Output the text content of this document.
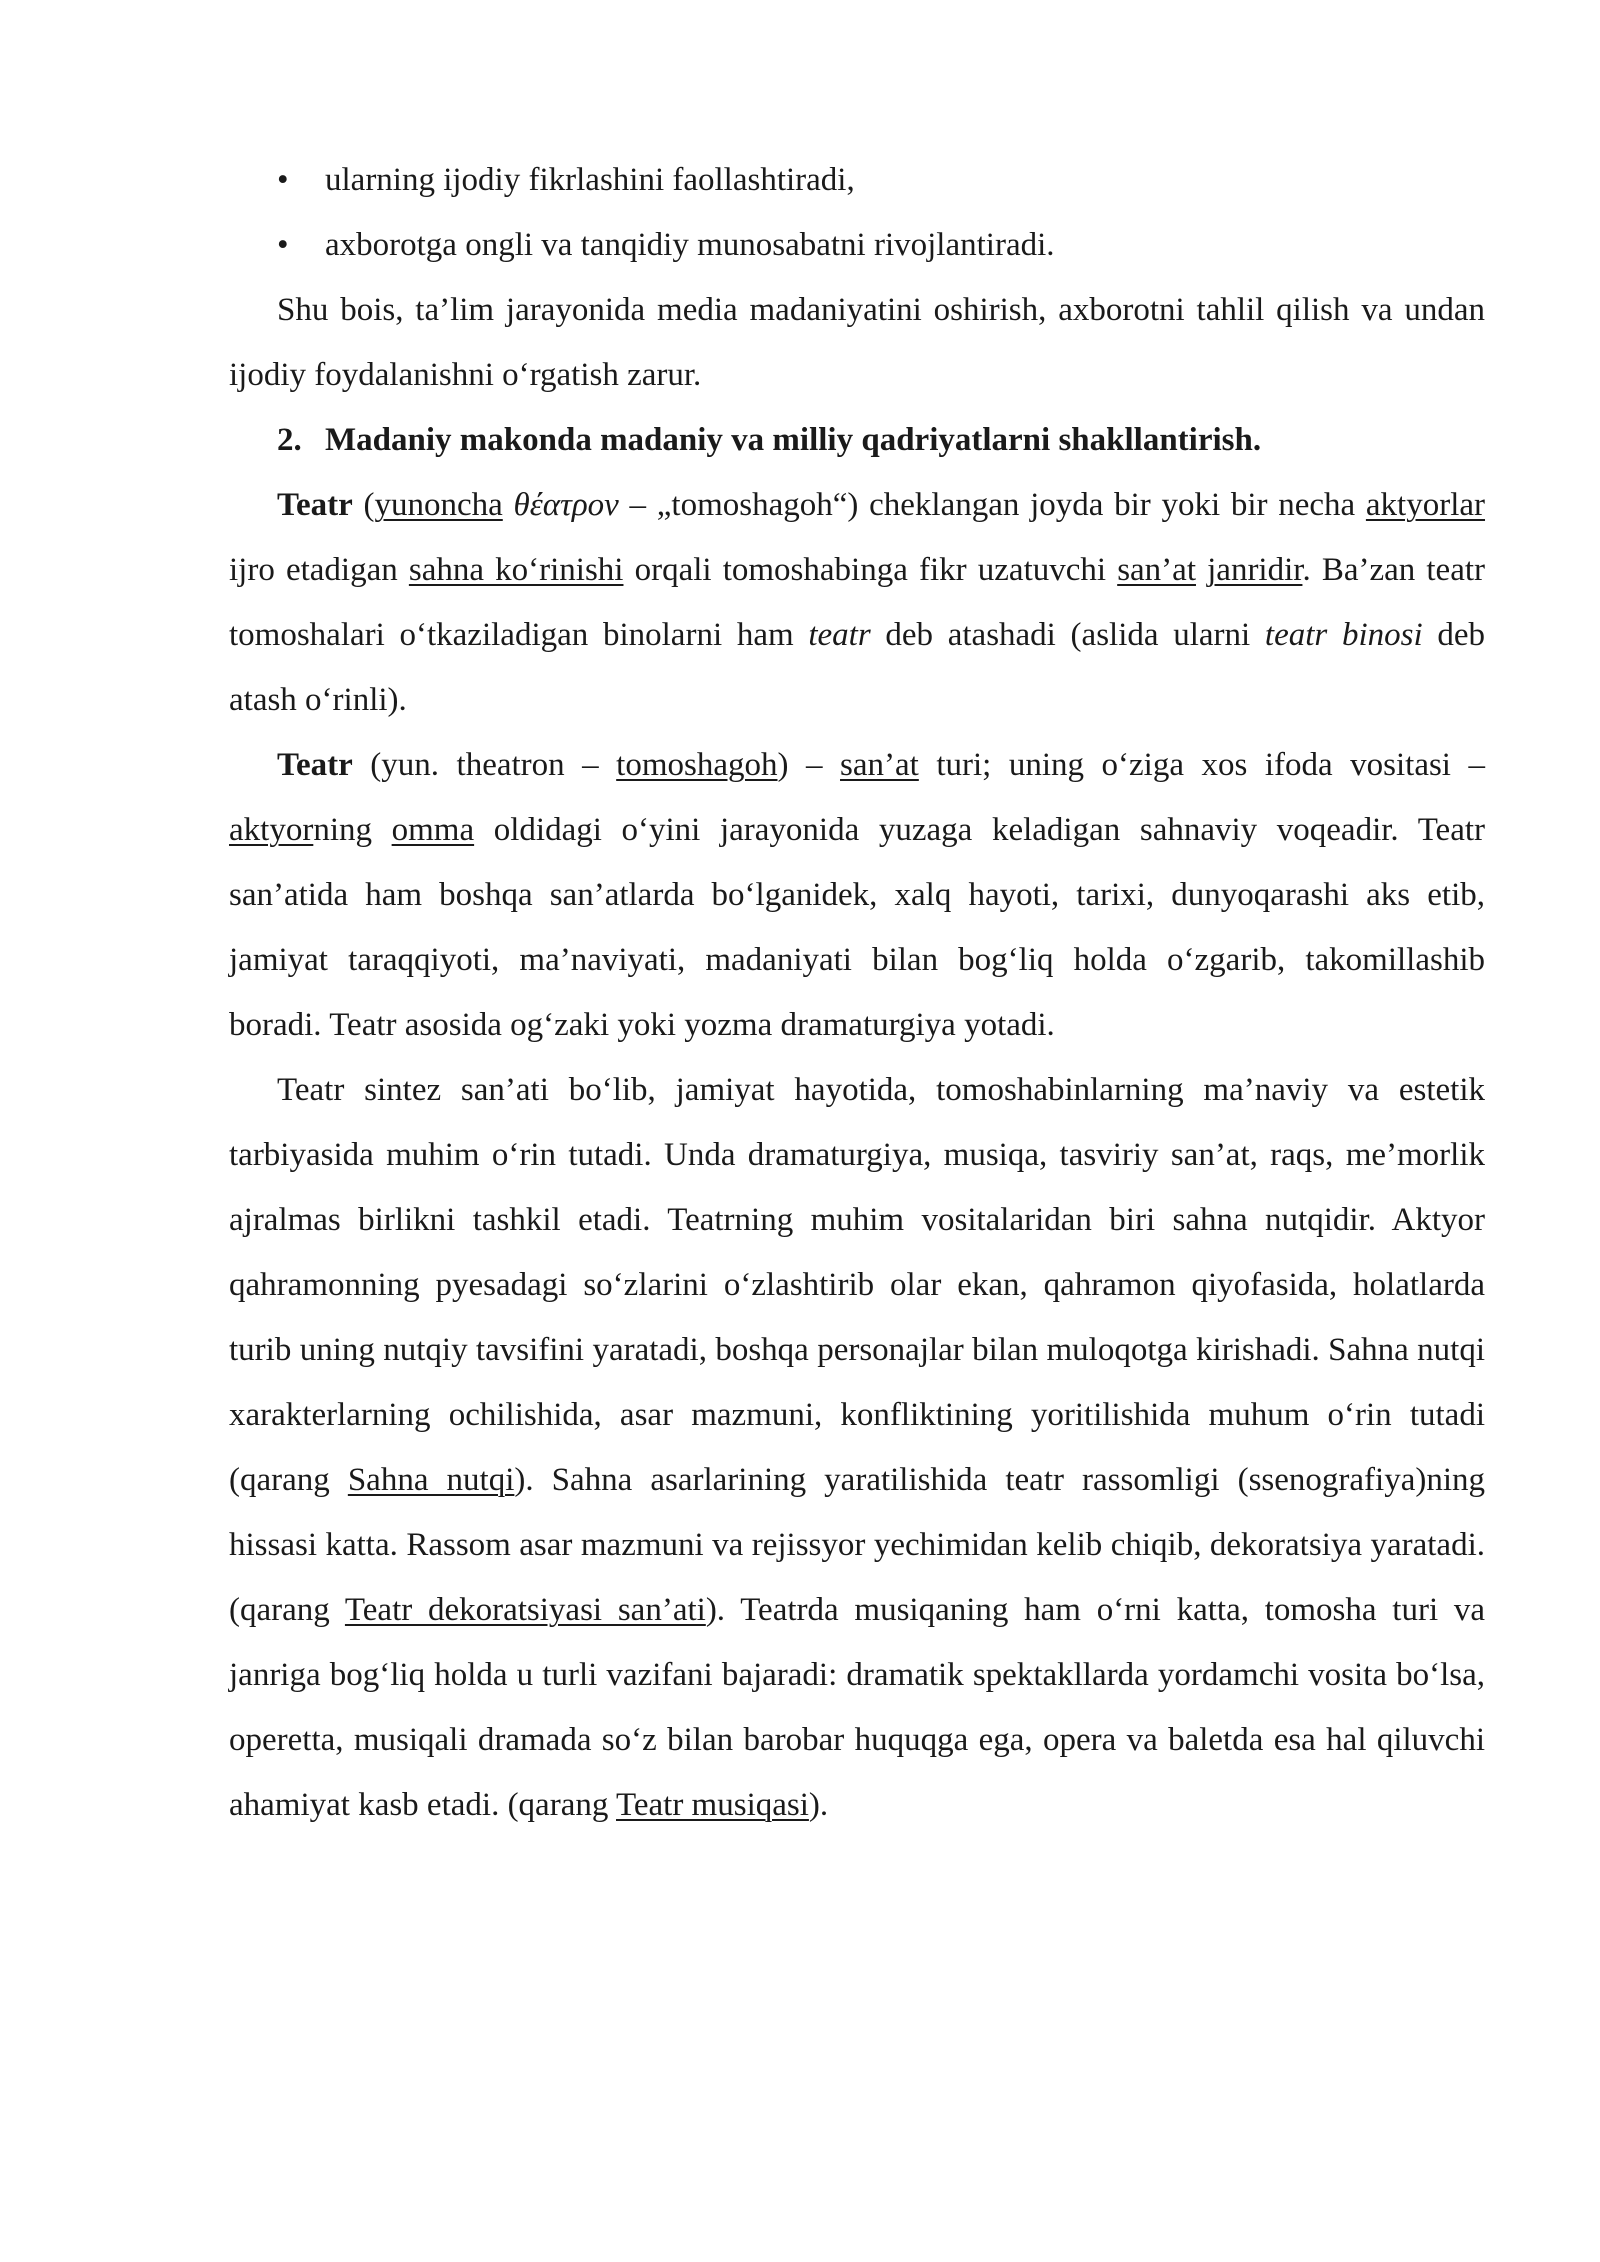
• ularning ijodiy fikrlashini faollashtiradi,
• axborotga ongli va tanqidiy munosabatni rivojlantiradi.

Shu bois, ta’lim jarayonida media madaniyatini oshirish, axborotni tahlil qilish va undan ijodiy foydalanishni o‘rgatish zarur.

2. Madaniy makonda madaniy va milliy qadriyatlarni shakllantirish.

Teatr (yunoncha θέατρον – „tomoshagoh“) cheklangan joyda bir yoki bir necha aktyorlar ijro etadigan sahna ko‘rinishi orqali tomoshabinga fikr uzatuvchi san’at janridir. Ba’zan teatr tomoshalari o‘tkaziladigan binolarni ham teatr deb atashadi (aslida ularni teatr binosi deb atash o‘rinli).

Teatr (yun. theatron – tomoshagoh) – san’at turi; uning o‘ziga xos ifoda vositasi – aktyorning omma oldidagi o‘yini jarayonida yuzaga keladigan sahnaviy voqeadir. Teatr san’atida ham boshqa san’atlarda bo‘lganidek, xalq hayoti, tarixi, dunyoqarashi aks etib, jamiyat taraqqiyoti, ma’naviyati, madaniyati bilan bog‘liq holda o‘zgarib, takomillashib boradi. Teatr asosida og‘zaki yoki yozma dramaturgiya yotadi.

Teatr sintez san’ati bo‘lib, jamiyat hayotida, tomoshabinlarning ma’naviy va estetik tarbiyasida muhim o‘rin tutadi. Unda dramaturgiya, musiqa, tasviriy san’at, raqs, me’morlik ajralmas birlikni tashkil etadi. Teatrning muhim vositalaridan biri sahna nutqidir. Aktyor qahramonning pyesadagi so‘zlarini o‘zlashtirib olar ekan, qahramon qiyofasida, holatlarda turib uning nutqiy tavsifini yaratadi, boshqa personajlar bilan muloqotga kirishadi. Sahna nutqi xarakterlarning ochilishida, asar mazmuni, konfliktining yoritilishida muhum o‘rin tutadi (qarang Sahna nutqi). Sahna asarlarining yaratilishida teatr rassomligi (ssenografiya)ning hissasi katta. Rassom asar mazmuni va rejissyor yechimidan kelib chiqib, dekoratsiya yaratadi. (qarang Teatr dekoratsiyasi san’ati). Teatrda musiqaning ham o‘rni katta, tomosha turi va janriga bog‘liq holda u turli vazifani bajaradi: dramatik spektakllarda yordamchi vosita bo‘lsa, operetta, musiqali dramada so‘z bilan barobar huquqga ega, opera va baletda esa hal qiluvchi ahamiyat kasb etadi. (qarang Teatr musiqasi).
